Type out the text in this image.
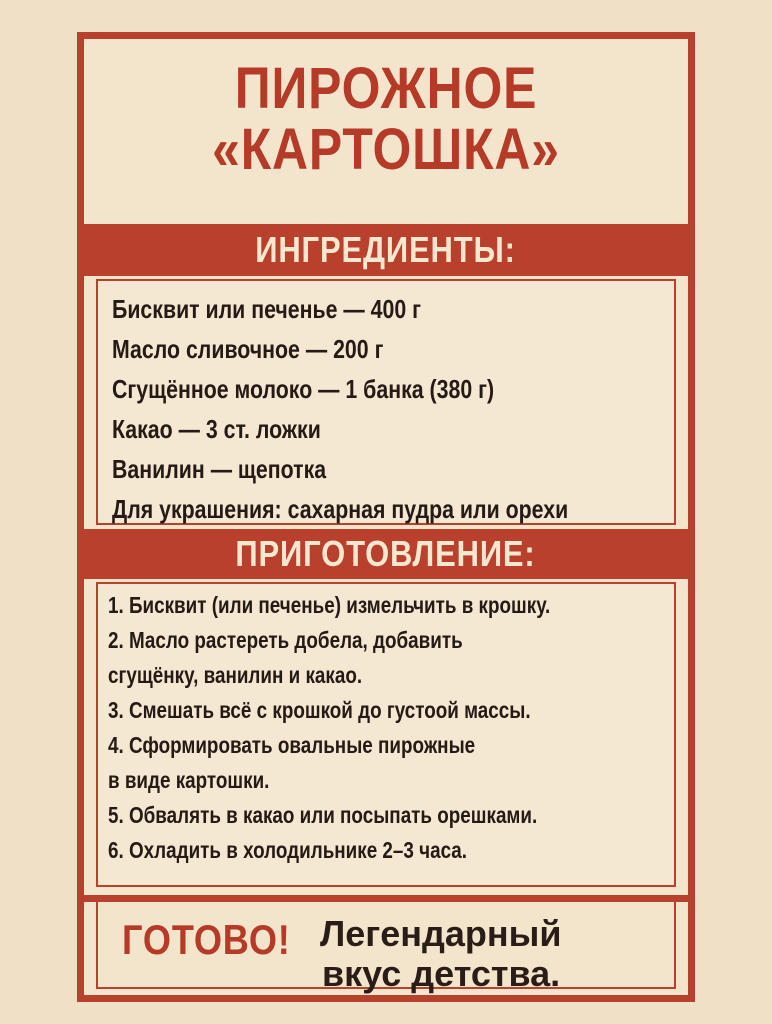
ПИРОЖНОЕ
«КАРТОШКА»
ИНГРЕДИЕНТЫ:
Бисквит или печенье — 400 г
Масло сливочное — 200 г
Сгущённое молоко — 1 банка (380 г)
Какао — 3 ст. ложки
Ванилин — щепотка
Для украшения: сахарная пудра или орехи
ПРИГОТОВЛЕНИЕ:
1. Бисквит (или печенье) измельчить в крошку.
2. Масло растереть добела, добавить
сгущёнку, ванилин и какао.
3. Смешать всё с крошкой до густоой массы.
4. Сформировать овальные пирожные
в виде картошки.
5. Обвалять в какао или посыпать орешками.
6. Охладить в холодильнике 2–3 часа.
ГОТОВО! Легендарный
вкус детства.
